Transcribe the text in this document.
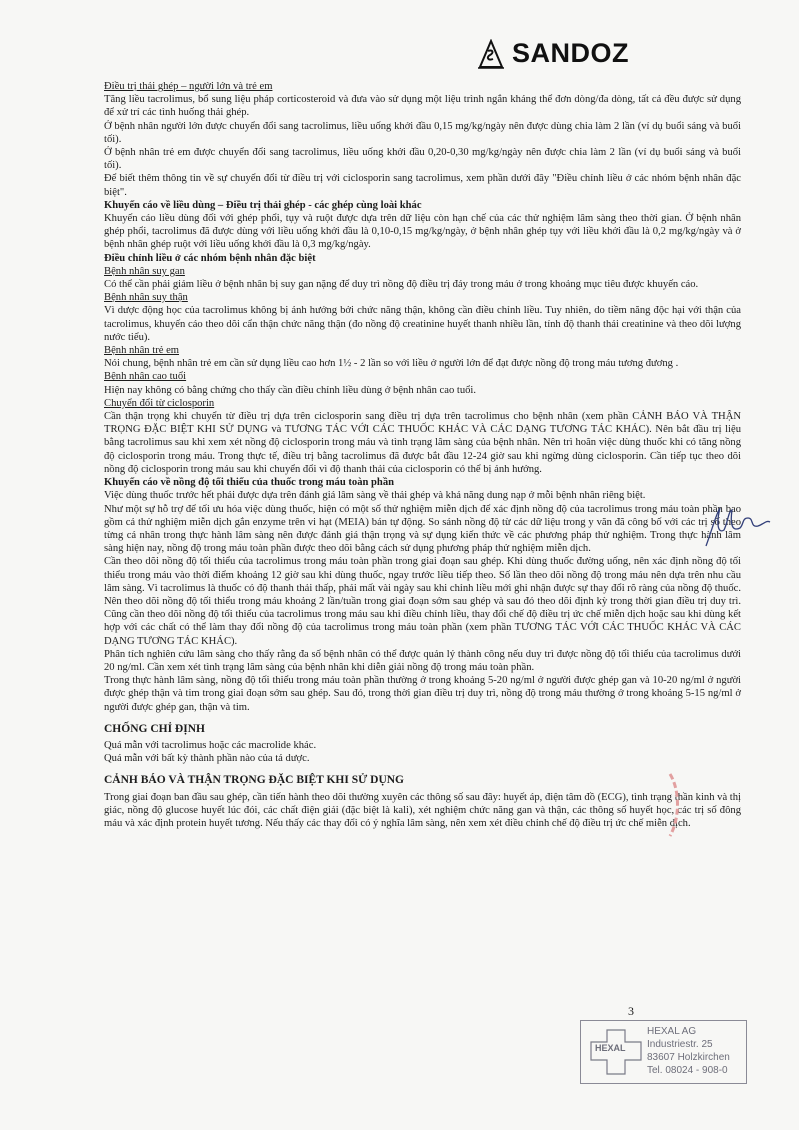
SANDOZ

Điều trị thải ghép – người lớn và trẻ em

Tăng liều tacrolimus, bổ sung liệu pháp corticosteroid và đưa vào sử dụng một liệu trình ngắn kháng thể đơn dòng/đa dòng, tất cả đều được sử dụng để xử trí các tình huống thải ghép.

Ở bệnh nhân người lớn được chuyển đổi sang tacrolimus, liều uống khởi đầu 0,15 mg/kg/ngày nên được dùng chia làm 2 lần (ví dụ buổi sáng và buổi tối).

Ở bệnh nhân trẻ em được chuyển đổi sang tacrolimus, liều uống khởi đầu 0,20-0,30 mg/kg/ngày nên được chia làm 2 lần (ví dụ buổi sáng và buổi tối).

Để biết thêm thông tin về sự chuyển đổi từ điều trị với ciclosporin sang tacrolimus, xem phần dưới đây "Điều chỉnh liều ở các nhóm bệnh nhân đặc biệt".

Khuyến cáo về liều dùng – Điều trị thải ghép - các ghép cùng loài khác

Khuyến cáo liều dùng đối với ghép phổi, tụy và ruột được dựa trên dữ liệu còn hạn chế của các thử nghiệm lâm sàng theo thời gian. Ở bệnh nhân ghép phổi, tacrolimus đã được dùng với liều uống khởi đầu là 0,10-0,15 mg/kg/ngày, ở bệnh nhân ghép tụy với liều khởi đầu là 0,2 mg/kg/ngày và ở bệnh nhân ghép ruột với liều uống khởi đầu là 0,3 mg/kg/ngày.

Điều chỉnh liều ở các nhóm bệnh nhân đặc biệt

Bệnh nhân suy gan

Có thể cần phải giảm liều ở bệnh nhân bị suy gan nặng để duy trì nồng độ điều trị đáy trong máu ở trong khoảng mục tiêu được khuyến cáo.

Bệnh nhân suy thận

Vì dược động học của tacrolimus không bị ảnh hưởng bởi chức năng thận, không cần điều chỉnh liều. Tuy nhiên, do tiềm năng độc hại với thận của tacrolimus, khuyến cáo theo dõi cẩn thận chức năng thận (đo nồng độ creatinine huyết thanh nhiều lần, tính độ thanh thải creatinine và theo dõi lượng nước tiểu).

Bệnh nhân trẻ em

Nói chung, bệnh nhân trẻ em cần sử dụng liều cao hơn 1½ - 2 lần so với liều ở người lớn để đạt được nồng độ trong máu tương đương .

Bệnh nhân cao tuổi

Hiện nay không có bằng chứng cho thấy cần điều chỉnh liều dùng ở bệnh nhân cao tuổi.

Chuyển đổi từ ciclosporin

Cần thận trọng khi chuyển từ điều trị dựa trên ciclosporin sang điều trị dựa trên tacrolimus cho bệnh nhân (xem phần CẢNH BÁO VÀ THẬN TRỌNG ĐẶC BIỆT KHI SỬ DỤNG và TƯƠNG TÁC VỚI CÁC THUỐC KHÁC VÀ CÁC DẠNG TƯƠNG TÁC KHÁC). Nên bắt đầu trị liệu bằng tacrolimus sau khi xem xét nồng độ ciclosporin trong máu và tình trạng lâm sàng của bệnh nhân. Nên trì hoãn việc dùng thuốc khi có tăng nồng độ ciclosporin trong máu. Trong thực tế, điều trị bằng tacrolimus đã được bắt đầu 12-24 giờ sau khi ngừng dùng ciclosporin. Cần tiếp tục theo dõi nồng độ ciclosporin trong máu sau khi chuyển đổi vì độ thanh thải của ciclosporin có thể bị ảnh hưởng.

Khuyến cáo về nồng độ tối thiểu của thuốc trong máu toàn phần

Việc dùng thuốc trước hết phải được dựa trên đánh giá lâm sàng về thải ghép và khả năng dung nạp ở mỗi bệnh nhân riêng biệt.

Như một sự hỗ trợ để tối ưu hóa việc dùng thuốc, hiện có một số thử nghiệm miễn dịch để xác định nồng độ của tacrolimus trong máu toàn phần bao gồm cả thử nghiệm miễn dịch gắn enzyme trên vi hạt (MEIA) bán tự động. So sánh nồng độ từ các dữ liệu trong y văn đã công bố với các trị số theo từng cá nhân trong thực hành lâm sàng nên được đánh giá thận trọng và sự dụng kiến thức về các phương pháp thử nghiệm. Trong thực hành lâm sàng hiện nay, nồng độ trong máu toàn phần được theo dõi bằng cách sử dụng phương pháp thử nghiệm miễn dịch.

Cần theo dõi nồng độ tối thiểu của tacrolimus trong máu toàn phần trong giai đoạn sau ghép. Khi dùng thuốc đường uống, nên xác định nồng độ tối thiểu trong máu vào thời điểm khoảng 12 giờ sau khi dùng thuốc, ngay trước liều tiếp theo. Số lần theo dõi nồng độ trong máu nên dựa trên nhu cầu lâm sàng. Vì tacrolimus là thuốc có độ thanh thải thấp, phải mất vài ngày sau khi chỉnh liều mới ghi nhận được sự thay đổi rõ ràng của nồng độ thuốc. Nên theo dõi nồng độ tối thiểu trong máu khoảng 2 lần/tuần trong giai đoạn sớm sau ghép và sau đó theo dõi định kỳ trong thời gian điều trị duy trì. Cũng cần theo dõi nồng độ tối thiểu của tacrolimus trong máu sau khi điều chỉnh liều, thay đổi chế độ điều trị ức chế miễn dịch hoặc sau khi dùng kết hợp với các chất có thể làm thay đổi nồng độ của tacrolimus trong máu toàn phần (xem phần TƯƠNG TÁC VỚI CÁC THUỐC KHÁC VÀ CÁC DẠNG TƯƠNG TÁC KHÁC).

Phân tích nghiên cứu lâm sàng cho thấy rằng đa số bệnh nhân có thể được quản lý thành công nếu duy trì được nồng độ tối thiểu của tacrolimus dưới 20 ng/ml. Cần xem xét tình trạng lâm sàng của bệnh nhân khi diễn giải nồng độ trong máu toàn phần.

Trong thực hành lâm sàng, nồng độ tối thiểu trong máu toàn phần thường ở trong khoảng 5-20 ng/ml ở người được ghép gan và 10-20 ng/ml ở người được ghép thận và tim trong giai đoạn sớm sau ghép. Sau đó, trong thời gian điều trị duy trì, nồng độ trong máu thường ở trong khoảng 5-15 ng/ml ở người được ghép gan, thận và tim.

CHỐNG CHỈ ĐỊNH

Quá mẫn với tacrolimus hoặc các macrolide khác.

Quá mẫn với bất kỳ thành phần nào của tá dược.

CẢNH BÁO VÀ THẬN TRỌNG ĐẶC BIỆT KHI SỬ DỤNG

Trong giai đoạn ban đầu sau ghép, cần tiến hành theo dõi thường xuyên các thông số sau đây: huyết áp, điện tâm đồ (ECG), tình trạng thần kinh và thị giác, nồng độ glucose huyết lúc đói, các chất điện giải (đặc biệt là kali), xét nghiệm chức năng gan và thận, các thông số huyết học, các trị số đông máu và xác định protein huyết tương. Nếu thấy các thay đổi có ý nghĩa lâm sàng, nên xem xét điều chỉnh chế độ điều trị ức chế miễn dịch.

3
HEXAL
HEXAL AG
Industriestr. 25
83607 Holzkirchen
Tel. 08024 - 908-0
